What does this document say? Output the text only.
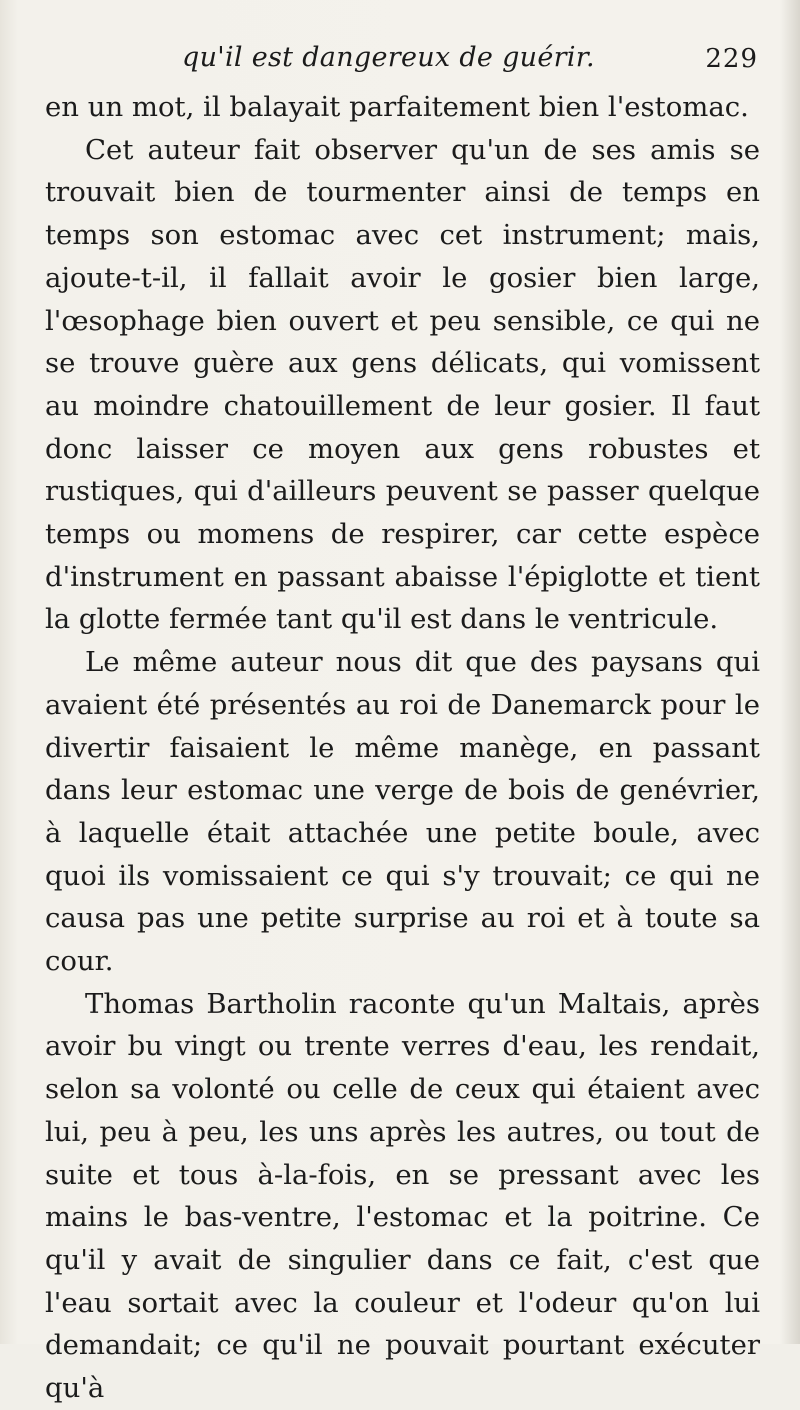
qu'il est dangereux de guérir.	229

en un mot, il balayait parfaitement bien l'estomac.

Cet auteur fait observer qu'un de ses amis se trouvait bien de tourmenter ainsi de temps en temps son estomac avec cet instrument; mais, ajoute-t-il, il fallait avoir le gosier bien large, l'œsophage bien ouvert et peu sensible, ce qui ne se trouve guère aux gens délicats, qui vomissent au moindre chatouillement de leur gosier. Il faut donc laisser ce moyen aux gens robustes et rustiques, qui d'ailleurs peuvent se passer quelque temps ou momens de respirer, car cette espèce d'instrument en passant abaisse l'épiglotte et tient la glotte fermée tant qu'il est dans le ventricule.

Le même auteur nous dit que des paysans qui avaient été présentés au roi de Danemarck pour le divertir faisaient le même manège, en passant dans leur estomac une verge de bois de genévrier, à laquelle était attachée une petite boule, avec quoi ils vomissaient ce qui s'y trouvait; ce qui ne causa pas une petite surprise au roi et à toute sa cour.

Thomas Bartholin raconte qu'un Maltais, après avoir bu vingt ou trente verres d'eau, les rendait, selon sa volonté ou celle de ceux qui étaient avec lui, peu à peu, les uns après les autres, ou tout de suite et tous à-la-fois, en se pressant avec les mains le bas-ventre, l'estomac et la poitrine. Ce qu'il y avait de singulier dans ce fait, c'est que l'eau sortait avec la couleur et l'odeur qu'on lui demandait; ce qu'il ne pouvait pourtant exécuter qu'à
